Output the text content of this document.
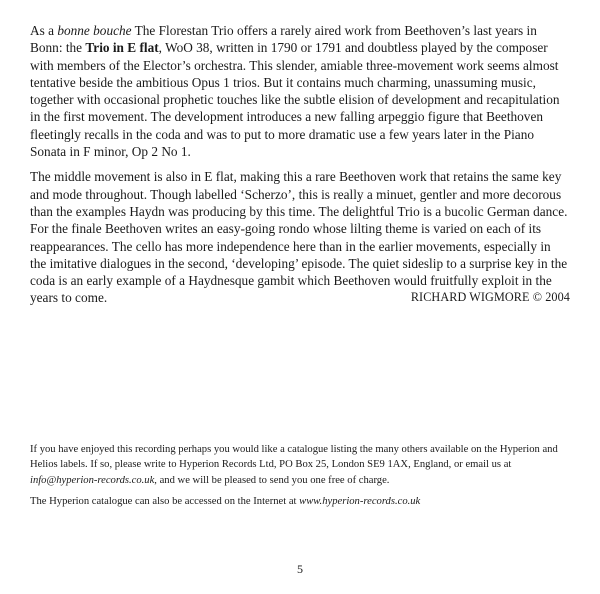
As a bonne bouche The Florestan Trio offers a rarely aired work from Beethoven’s last years in Bonn: the Trio in E flat, WoO 38, written in 1790 or 1791 and doubtless played by the composer with members of the Elector’s orchestra. This slender, amiable three-movement work seems almost tentative beside the ambitious Opus 1 trios. But it contains much charming, unassuming music, together with occasional prophetic touches like the subtle elision of development and recapitulation in the first movement. The development introduces a new falling arpeggio figure that Beethoven fleetingly recalls in the coda and was to put to more dramatic use a few years later in the Piano Sonata in F minor, Op 2 No 1.

The middle movement is also in E flat, making this a rare Beethoven work that retains the same key and mode throughout. Though labelled ‘Scherzo’, this is really a minuet, gentler and more decorous than the examples Haydn was producing by this time. The delightful Trio is a bucolic German dance. For the finale Beethoven writes an easy-going rondo whose lilting theme is varied on each of its reappearances. The cello has more independence here than in the earlier movements, especially in the imitative dialogues in the second, ‘developing’ episode. The quiet sideslip to a surprise key in the coda is an early example of a Haydnesque gambit which Beethoven would fruitfully exploit in the years to come.	RICHARD WIGMORE © 2004

If you have enjoyed this recording perhaps you would like a catalogue listing the many others available on the Hyperion and Helios labels. If so, please write to Hyperion Records Ltd, PO Box 25, London SE9 1AX, England, or email us at info@hyperion-records.co.uk, and we will be pleased to send you one free of charge.

The Hyperion catalogue can also be accessed on the Internet at www.hyperion-records.co.uk

5
